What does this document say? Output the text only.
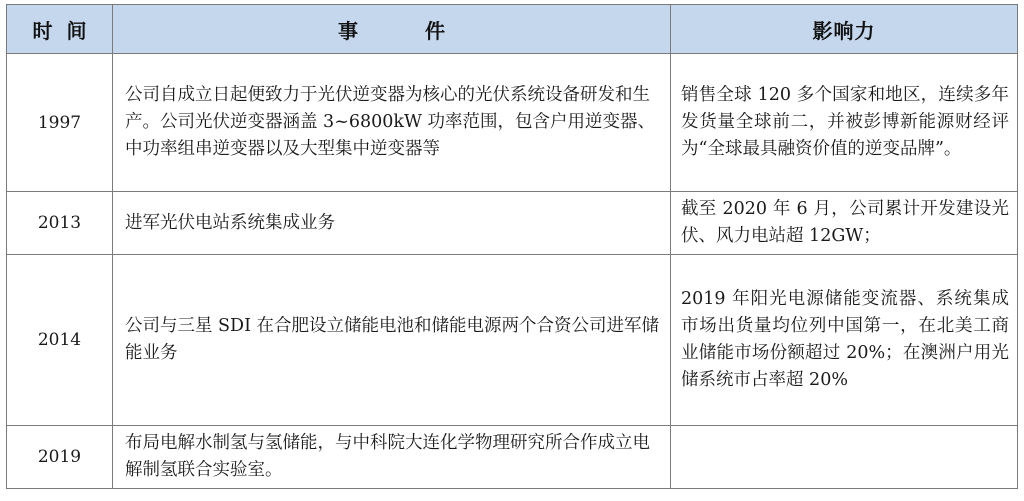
时间	事 件	影响力
1997	公司自成立日起便致力于光伏逆变器为核心的光伏系统设备研发和生产。公司光伏逆变器涵盖 3~6800kW 功率范围，包含户用逆变器、中功率组串逆变器以及大型集中逆变器等	销售全球 120 多个国家和地区，连续多年发货量全球前二，并被彭博新能源财经评为“全球最具融资价值的逆变品牌”。
2013	进军光伏电站系统集成业务	截至 2020 年 6 月，公司累计开发建设光伏、风力电站超 12GW；
2014	公司与三星 SDI 在合肥设立储能电池和储能电源两个合资公司进军储能业务	2019 年阳光电源储能变流器、系统集成市场出货量均位列中国第一，在北美工商业储能市场份额超过 20%；在澳洲户用光储系统市占率超 20%
2019	布局电解水制氢与氢储能，与中科院大连化学物理研究所合作成立电解制氢联合实验室。	
